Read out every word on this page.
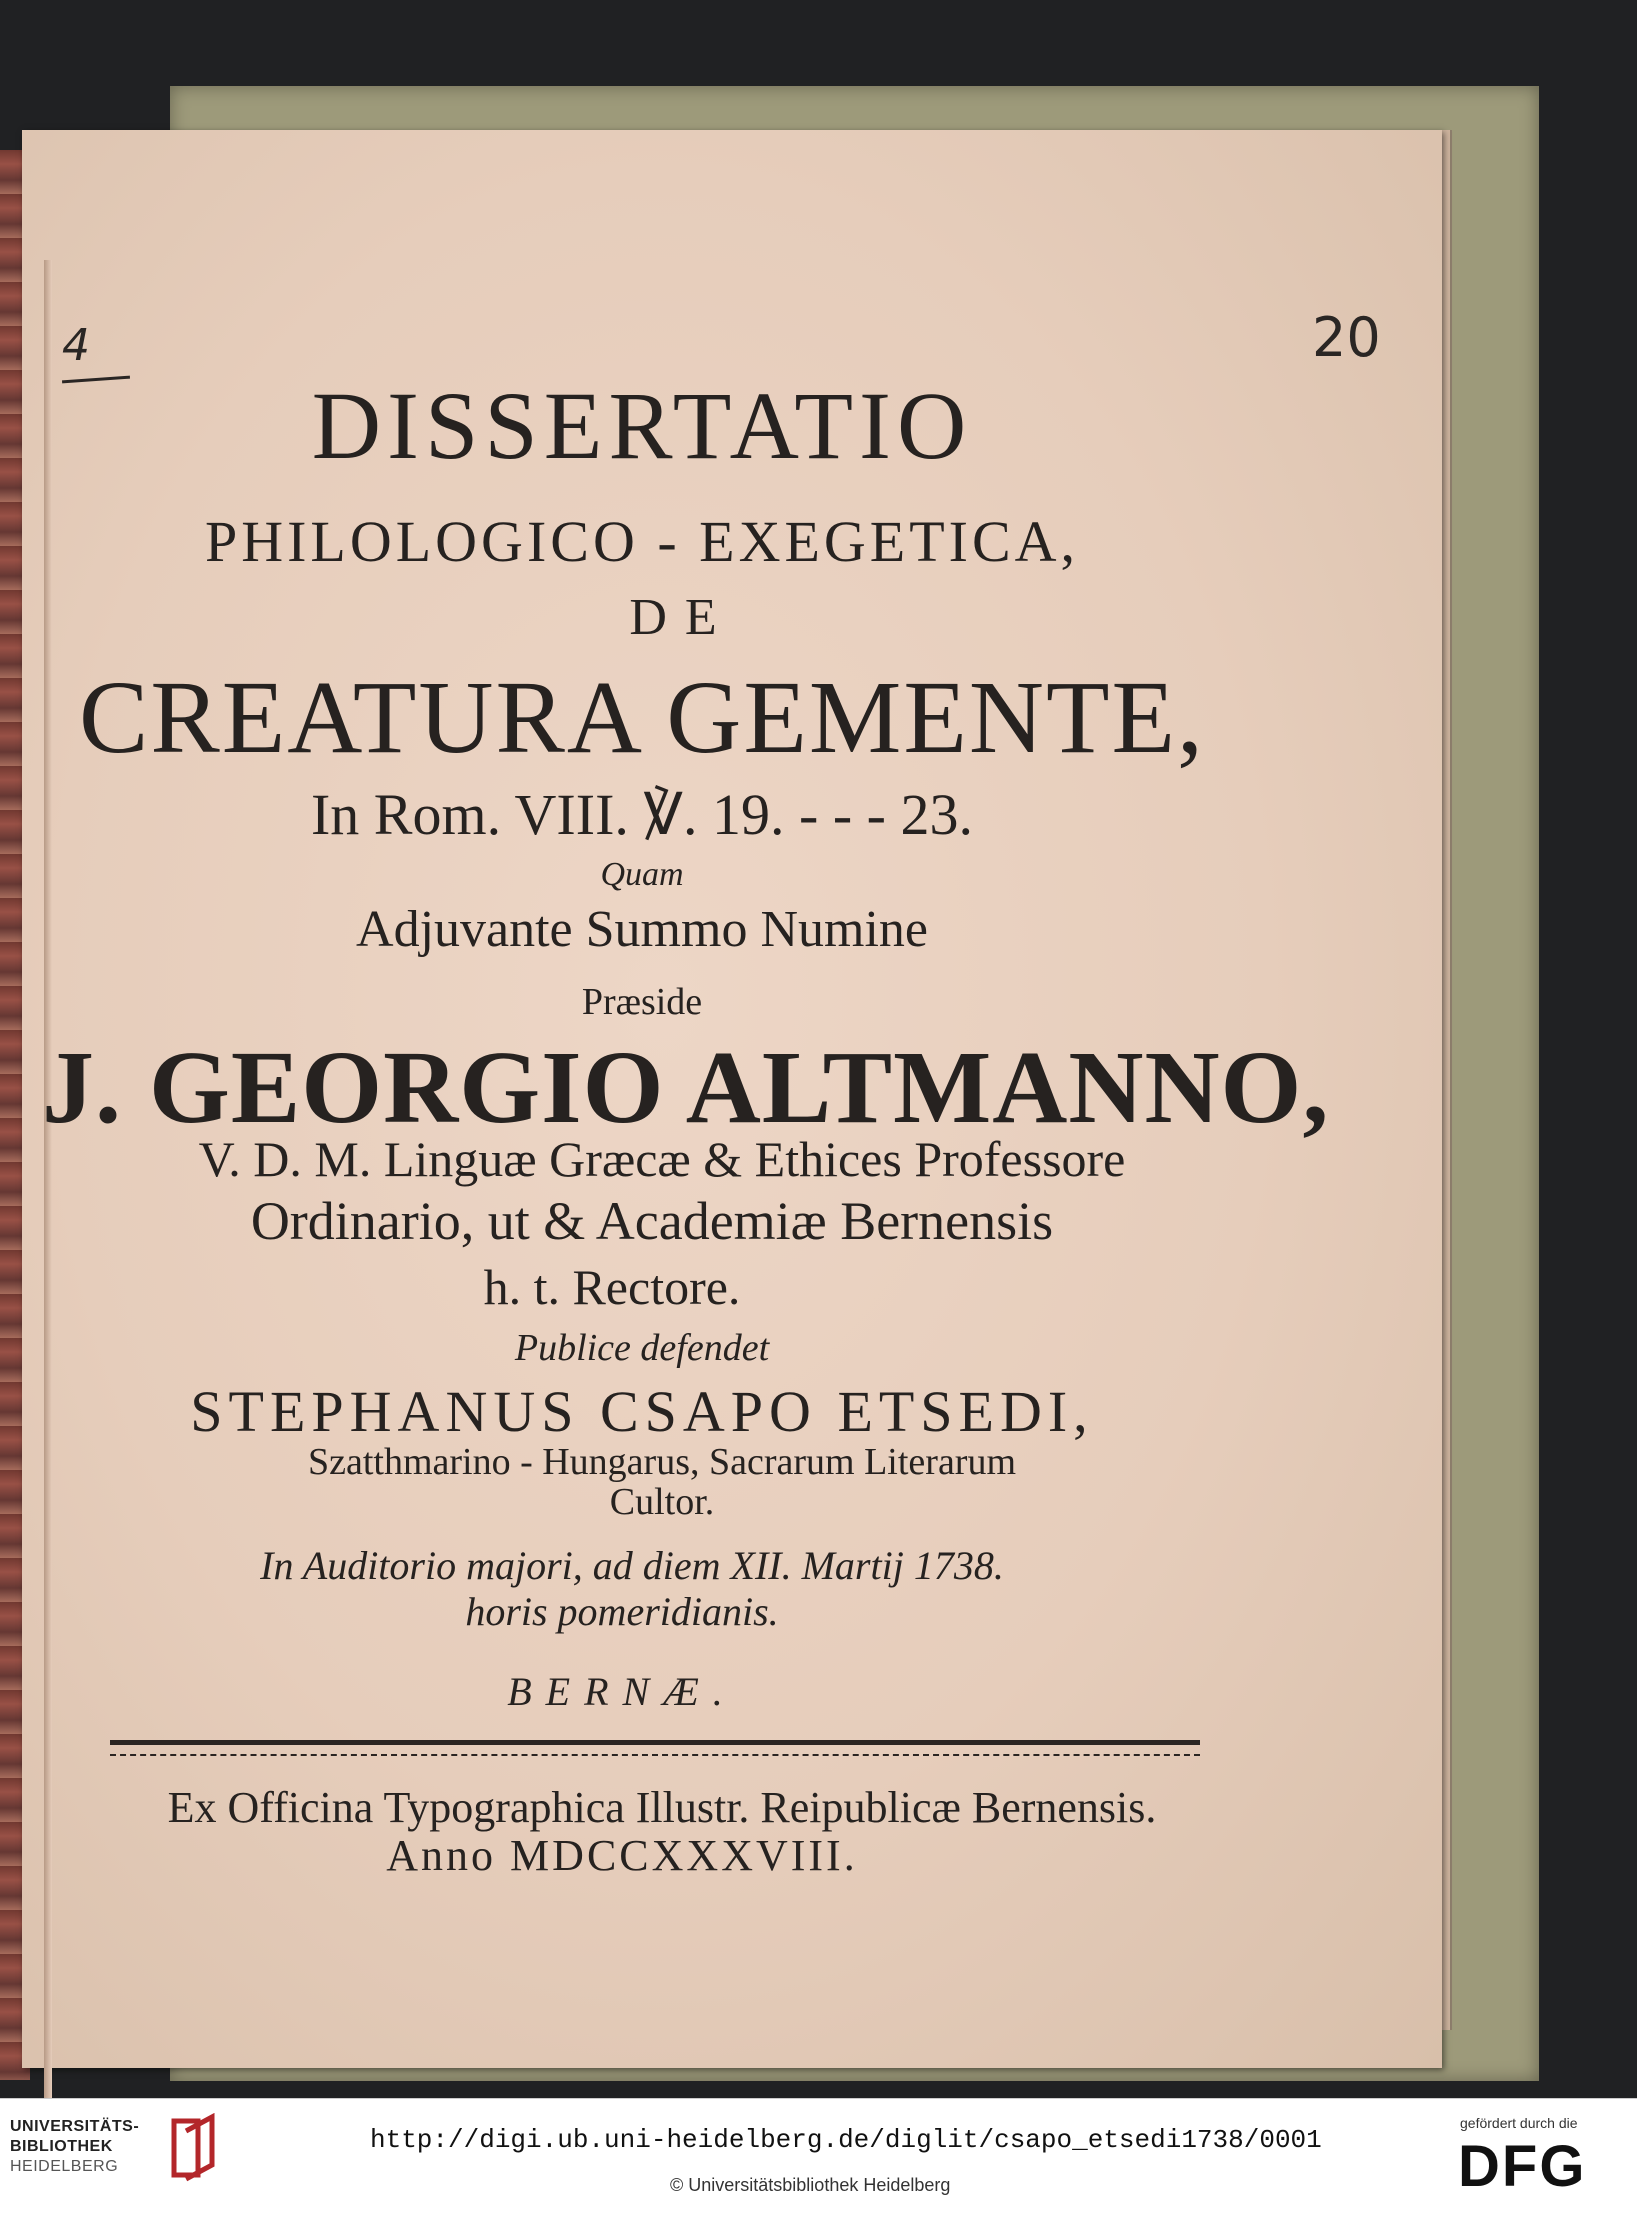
4	20
DISSERTATIO
PHILOLOGICO - EXEGETICA,
DE
CREATURA GEMENTE,
In Rom. VIII. ℣. 19. - - - 23.
Quam
Adjuvante Summo Numine
Præside
J. GEORGIO ALTMANNO,
V. D. M. Linguæ Græcæ & Ethices Professore
Ordinario, ut & Academiæ Bernensis
h. t. Rectore.
Publice defendet
STEPHANUS CSAPO ETSEDI,
Szatthmarino - Hungarus, Sacrarum Literarum
Cultor.
In Auditorio majori, ad diem XII. Martij 1738.
horis pomeridianis.
BERNÆ.
Ex Officina Typographica Illustr. Reipublicæ Bernensis.
Anno MDCCXXXVIII.
UNIVERSITÄTS-
BIBLIOTHEK
HEIDELBERG
http://digi.ub.uni-heidelberg.de/diglit/csapo_etsedi1738/0001
© Universitätsbibliothek Heidelberg
gefördert durch die
DFG
